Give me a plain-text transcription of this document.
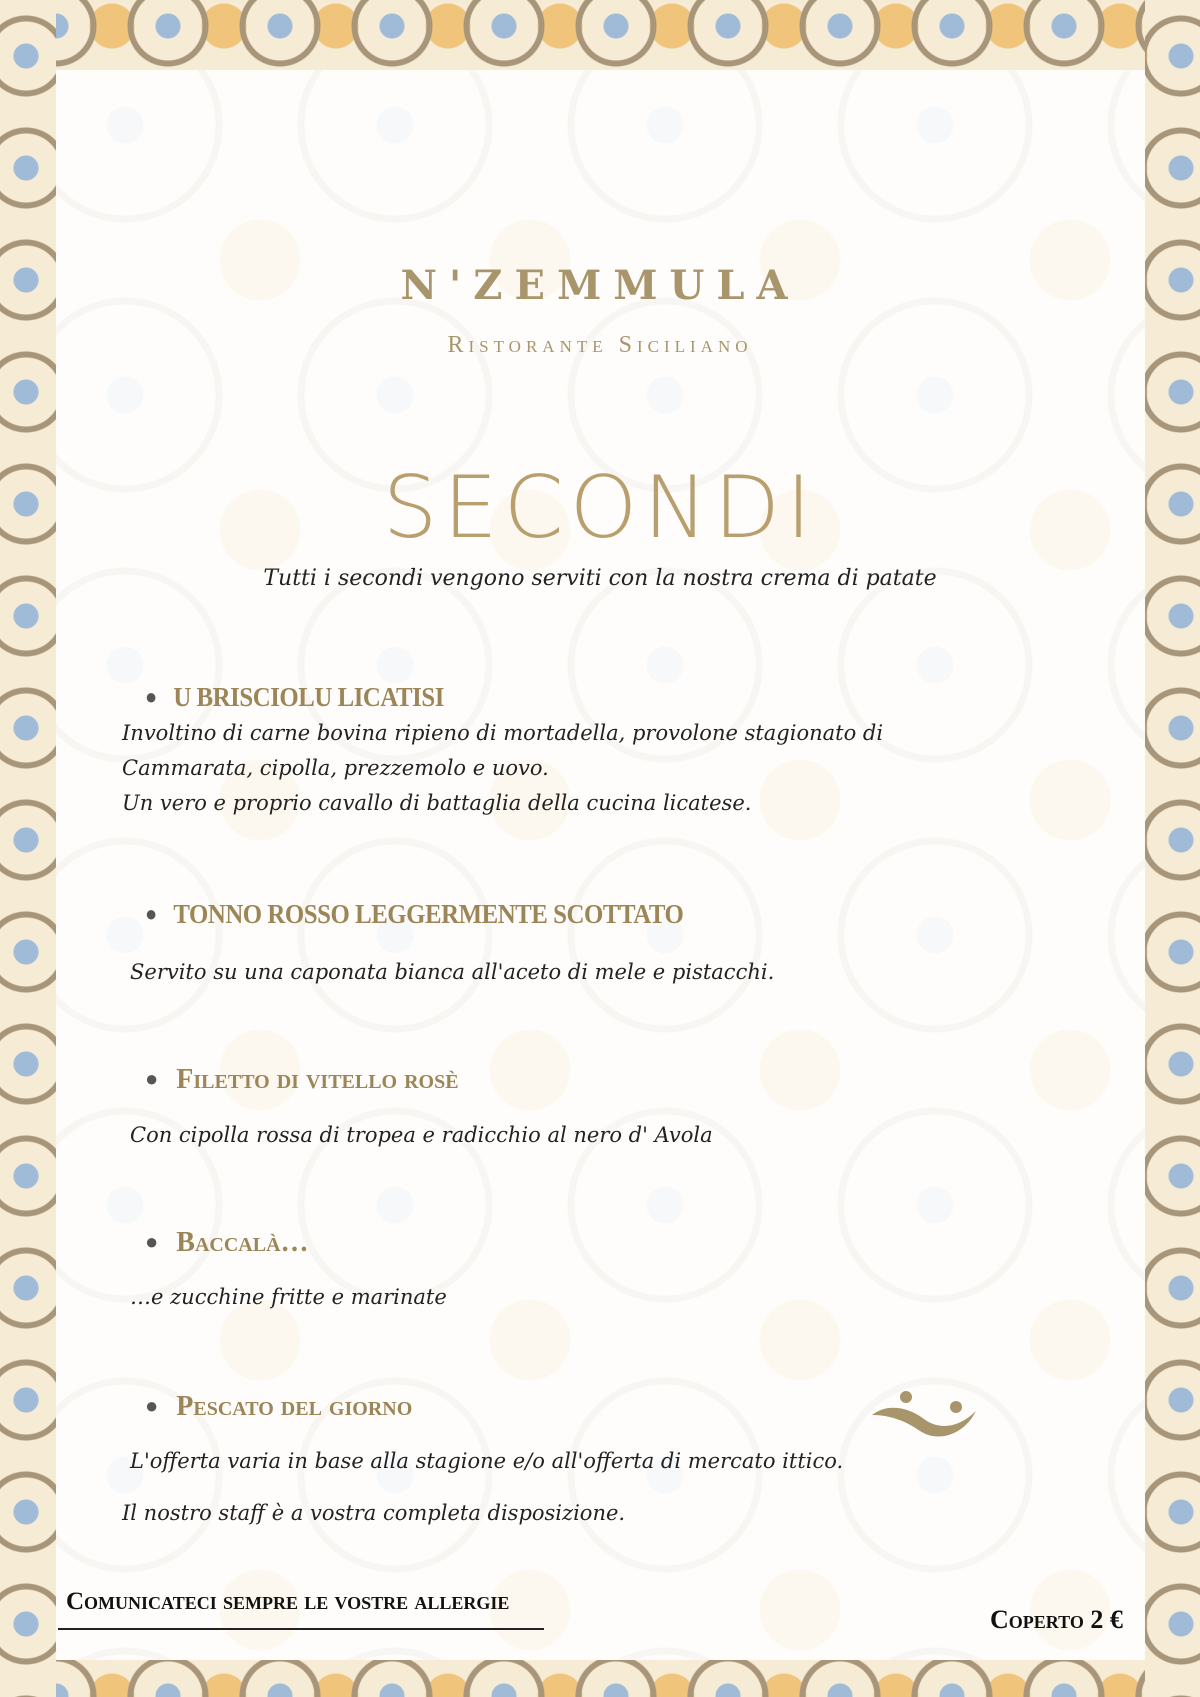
N'ZEMMULA
Ristorante Siciliano
SECONDI
Tutti i secondi vengono serviti con la nostra crema di patate
● U BRISCIOLU LICATISI
Involtino di carne bovina ripieno di mortadella, provolone stagionato di
Cammarata, cipolla, prezzemolo e uovo.
Un vero e proprio cavallo di battaglia della cucina licatese.
● TONNO ROSSO LEGGERMENTE SCOTTATO
Servito su una caponata bianca all'aceto di mele e pistacchi.
● Filetto di vitello rosè
Con cipolla rossa di tropea e radicchio al nero d' Avola
● Baccalà…
…e zucchine fritte e marinate
● Pescato del giorno
L'offerta varia in base alla stagione e/o all'offerta di mercato ittico.
Il nostro staff è a vostra completa disposizione.
Comunicateci sempre le vostre allergie
Coperto 2 €
